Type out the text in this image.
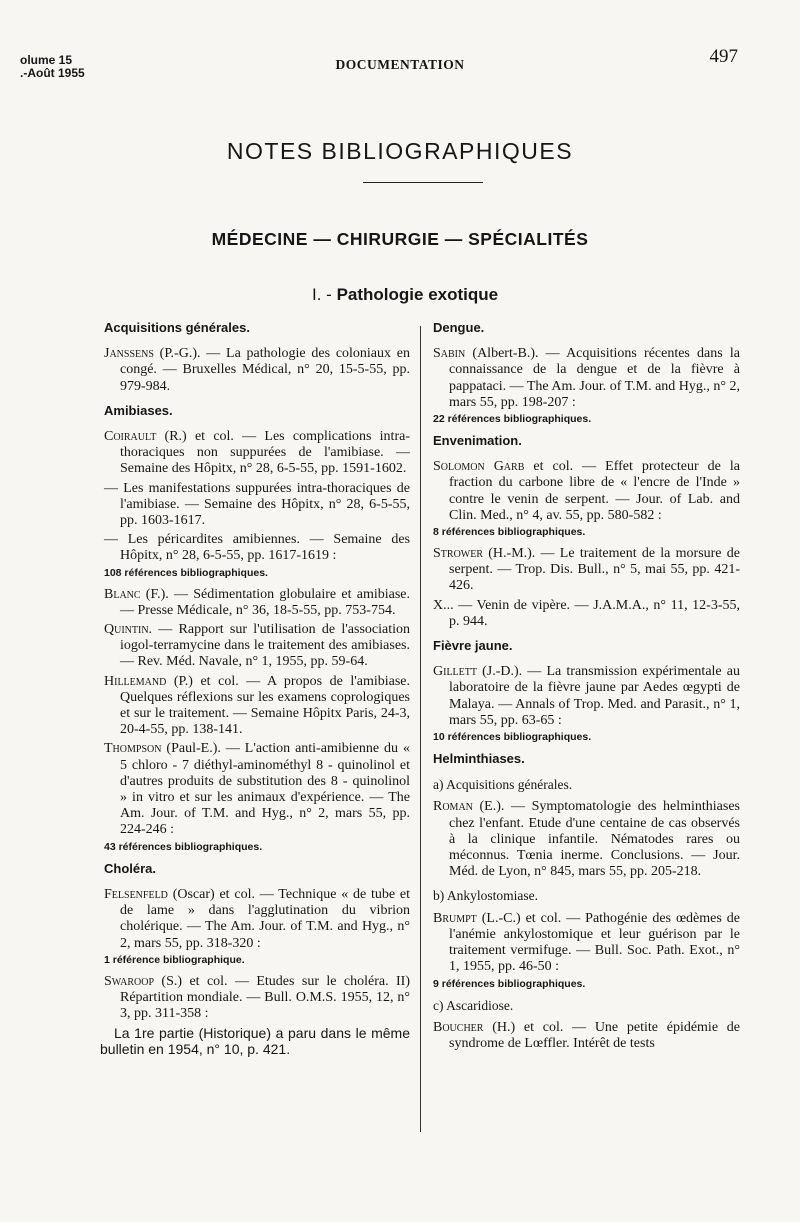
olume 15
.-Août 1955
DOCUMENTATION	497
NOTES BIBLIOGRAPHIQUES
MÉDECINE — CHIRURGIE — SPÉCIALITÉS
I. - Pathologie exotique
Acquisitions générales.
Janssens (P.-G.). — La pathologie des coloniaux en congé. — Bruxelles Médical, n° 20, 15-5-55, pp. 979-984.
Amibiases.
Coirault (R.) et col. — Les complications intra-thoraciques non suppurées de l'amibiase. — Semaine des Hôpitx, n° 28, 6-5-55, pp. 1591-1602.
— Les manifestations suppurées intra-thoraciques de l'amibiase. — Semaine des Hôpitx, n° 28, 6-5-55, pp. 1603-1617.
— Les péricardites amibiennes. — Semaine des Hôpitx, n° 28, 6-5-55, pp. 1617-1619 :
108 références bibliographiques.
Blanc (F.). — Sédimentation globulaire et amibiase. — Presse Médicale, n° 36, 18-5-55, pp. 753-754.
Quintin. — Rapport sur l'utilisation de l'association iogol-terramycine dans le traitement des amibiases. — Rev. Méd. Navale, n° 1, 1955, pp. 59-64.
Hillemand (P.) et col. — A propos de l'amibiase. Quelques réflexions sur les examens coprologiques et sur le traitement. — Semaine Hôpitx Paris, 24-3, 20-4-55, pp. 138-141.
Thompson (Paul-E.). — L'action anti-amibienne du « 5 chloro - 7 diéthyl-aminométhyl 8 - quinolinol et d'autres produits de substitution des 8 - quinolinol » in vitro et sur les animaux d'expérience. — The Am. Jour. of T.M. and Hyg., n° 2, mars 55, pp. 224-246 :
43 références bibliographiques.
Choléra.
Felsenfeld (Oscar) et col. — Technique « de tube et de lame » dans l'agglutination du vibrion cholérique. — The Am. Jour. of T.M. and Hyg., n° 2, mars 55, pp. 318-320 :
1 référence bibliographique.
Swaroop (S.) et col. — Etudes sur le choléra. II) Répartition mondiale. — Bull. O.M.S. 1955, 12, n° 3, pp. 311-358 :
La 1re partie (Historique) a paru dans le même bulletin en 1954, n° 10, p. 421.
Dengue.
Sabin (Albert-B.). — Acquisitions récentes dans la connaissance de la dengue et de la fièvre à pappataci. — The Am. Jour. of T.M. and Hyg., n° 2, mars 55, pp. 198-207 :
22 références bibliographiques.
Envenimation.
Solomon Garb et col. — Effet protecteur de la fraction du carbone libre de « l'encre de l'Inde » contre le venin de serpent. — Jour. of Lab. and Clin. Med., n° 4, av. 55, pp. 580-582 :
8 références bibliographiques.
Strower (H.-M.). — Le traitement de la morsure de serpent. — Trop. Dis. Bull., n° 5, mai 55, pp. 421-426.
X... — Venin de vipère. — J.A.M.A., n° 11, 12-3-55, p. 944.
Fièvre jaune.
Gillett (J.-D.). — La transmission expérimentale au laboratoire de la fièvre jaune par Aedes œgypti de Malaya. — Annals of Trop. Med. and Parasit., n° 1, mars 55, pp. 63-65 :
10 références bibliographiques.
Helminthiases.
a) Acquisitions générales.
Roman (E.). — Symptomatologie des helminthiases chez l'enfant. Etude d'une centaine de cas observés à la clinique infantile. Nématodes rares ou méconnus. Tœnia inerme. Conclusions. — Jour. Méd. de Lyon, n° 845, mars 55, pp. 205-218.
b) Ankylostomiase.
Brumpt (L.-C.) et col. — Pathogénie des œdèmes de l'anémie ankylostomique et leur guérison par le traitement vermifuge. — Bull. Soc. Path. Exot., n° 1, 1955, pp. 46-50 :
9 références bibliographiques.
c) Ascaridiose.
Boucher (H.) et col. — Une petite épidémie de syndrome de Lœffler. Intérêt de tests
